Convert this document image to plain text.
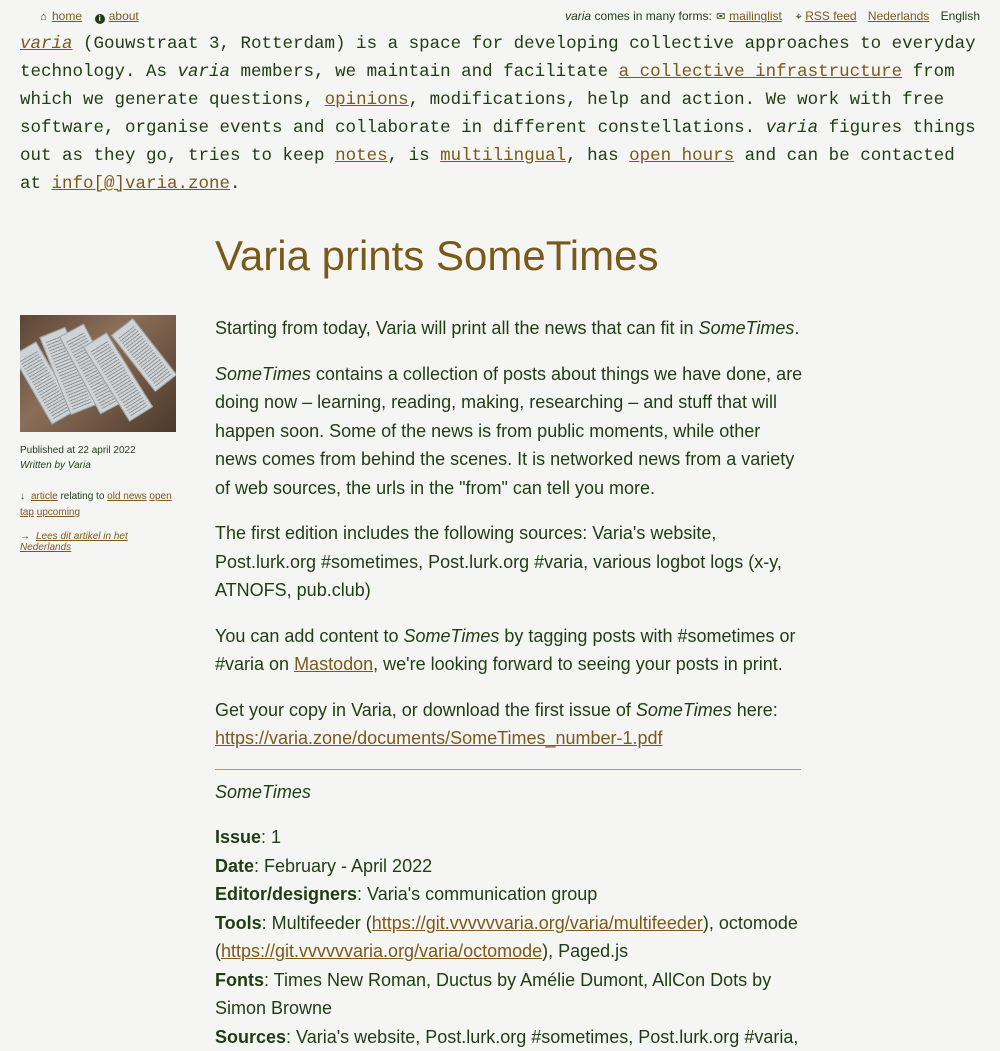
⌂ home i about	varia comes in many forms: ✉ mailinglist ⌖ RSS feed Nederlands English
varia (Gouwstraat 3, Rotterdam) is a space for developing collective approaches to everyday technology. As varia members, we maintain and facilitate a collective infrastructure from which we generate questions, opinions, modifications, help and action. We work with free software, organise events and collaborate in different constellations. varia figures things out as they go, tries to keep notes, is multilingual, has open hours and can be contacted at info[@]varia.zone.
Published at 22 april 2022
Written by Varia
↓ article relating to old news open tap upcoming
→ Lees dit artikel in het Nederlands
Varia prints SomeTimes

Starting from today, Varia will print all the news that can fit in SomeTimes.

SomeTimes contains a collection of posts about things we have done, are doing now – learning, reading, making, researching – and stuff that will happen soon. Some of the news is from public moments, while other news comes from behind the scenes. It is networked news from a variety of web sources, the urls in the "from" can tell you more.

The first edition includes the following sources: Varia's website, Post.lurk.org #sometimes, Post.lurk.org #varia, various logbot logs (x-y, ATNOFS, pub.club)

You can add content to SomeTimes by tagging posts with #sometimes or #varia on Mastodon, we're looking forward to seeing your posts in print.

Get your copy in Varia, or download the first issue of SomeTimes here:
https://varia.zone/documents/SomeTimes_number-1.pdf

SomeTimes

Issue: 1

Date: February - April 2022

Editor/designers: Varia's communication group

Tools: Multifeeder (https://git.vvvvvvaria.org/varia/multifeeder), octomode (https://git.vvvvvvaria.org/varia/octomode), Paged.js

Fonts: Times New Roman, Ductus by Amélie Dumont, AllCon Dots by Simon Browne

Sources: Varia's website, Post.lurk.org #sometimes, Post.lurk.org #varia,
